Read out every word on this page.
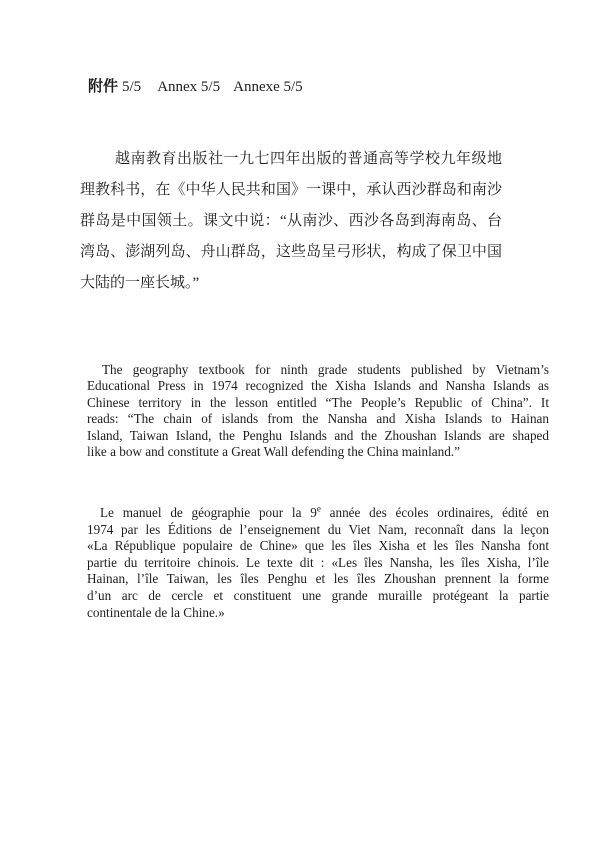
附件 5/5 Annex 5/5 Annexe 5/5
越南教育出版社一九七四年出版的普通高等学校九年级地
理教科书，在《中华人民共和国》一课中，承认西沙群岛和南沙
群岛是中国领土。课文中说：“从南沙、西沙各岛到海南岛、台
湾岛、澎湖列岛、舟山群岛，这些岛呈弓形状，构成了保卫中国
大陆的一座长城。”
The geography textbook for ninth grade students published by Vietnam’s
Educational Press in 1974 recognized the Xisha Islands and Nansha Islands as
Chinese territory in the lesson entitled “The People’s Republic of China”. It
reads: “The chain of islands from the Nansha and Xisha Islands to Hainan
Island, Taiwan Island, the Penghu Islands and the Zhoushan Islands are shaped
like a bow and constitute a Great Wall defending the China mainland.”
Le manuel de géographie pour la 9e année des écoles ordinaires, édité en
1974 par les Éditions de l’enseignement du Viet Nam, reconnaît dans la leçon
«La République populaire de Chine» que les îles Xisha et les îles Nansha font
partie du territoire chinois. Le texte dit : «Les îles Nansha, les îles Xisha, l’île
Hainan, l’île Taiwan, les îles Penghu et les îles Zhoushan prennent la forme
d’un arc de cercle et constituent une grande muraille protégeant la partie
continentale de la Chine.»
